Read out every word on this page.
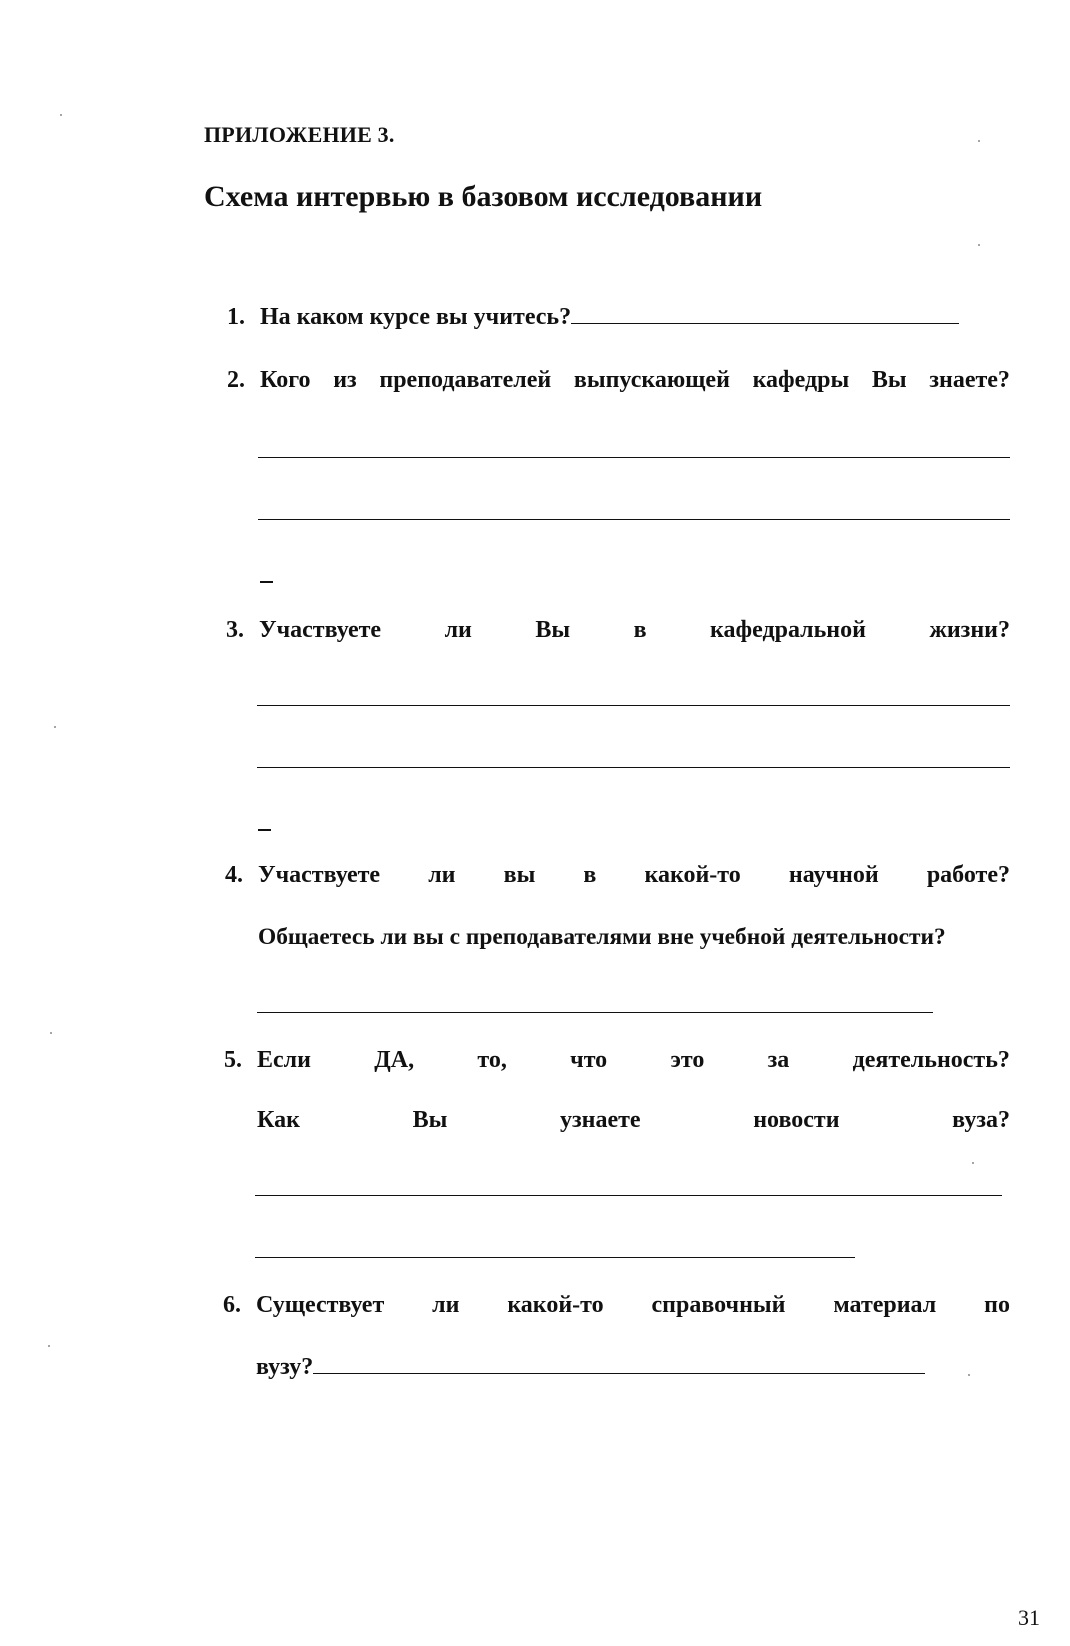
ПРИЛОЖЕНИЕ 3.
Схема интервью в базовом исследовании
1. На каком курсе вы учитесь?
2. Кого из преподавателей выпускающей кафедры Вы знаете?
3. Участвуете	ли	Вы	в	кафедральной	жизни?
4. Участвуете ли вы в какой-то научной работе?
Общаетесь ли вы с преподавателями вне учебной деятельности?
5. Если	ДА,	то,	что	это	за	деятельность?
Как	Вы	узнаете	новости	вуза?
6. Существует ли какой-то справочный материал по
вузу?
31
